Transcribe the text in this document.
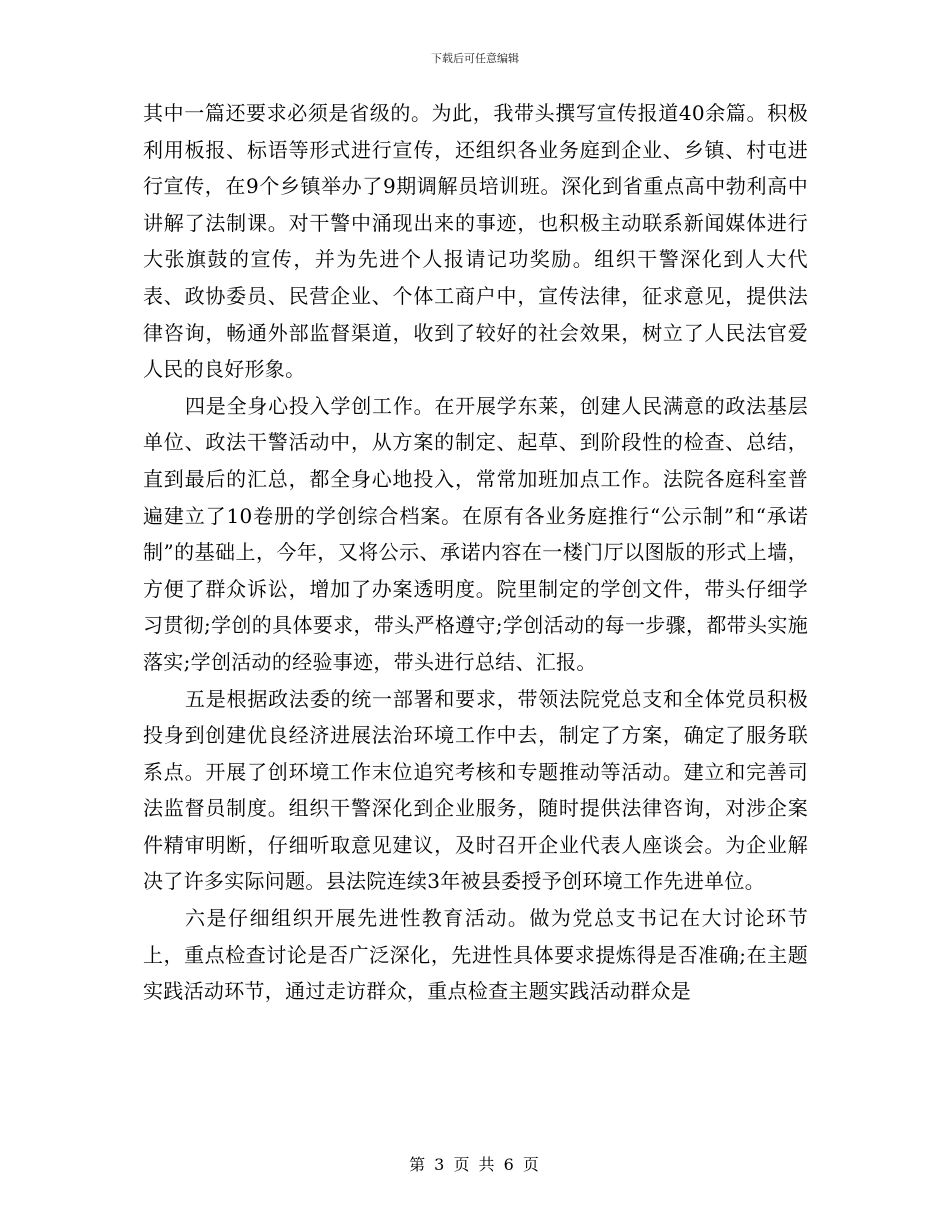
下载后可任意编辑

其中一篇还要求必须是省级的。为此，我带头撰写宣传报道40余篇。积极利用板报、标语等形式进行宣传，还组织各业务庭到企业、乡镇、村屯进行宣传，在9个乡镇举办了9期调解员培训班。深化到省重点高中勃利高中讲解了法制课。对干警中涌现出来的事迹，也积极主动联系新闻媒体进行大张旗鼓的宣传，并为先进个人报请记功奖励。组织干警深化到人大代表、政协委员、民营企业、个体工商户中，宣传法律，征求意见，提供法律咨询，畅通外部监督渠道，收到了较好的社会效果，树立了人民法官爱人民的良好形象。

四是全身心投入学创工作。在开展学东莱，创建人民满意的政法基层单位、政法干警活动中，从方案的制定、起草、到阶段性的检查、总结，直到最后的汇总，都全身心地投入，常常加班加点工作。法院各庭科室普遍建立了10卷册的学创综合档案。在原有各业务庭推行“公示制”和“承诺制”的基础上，今年，又将公示、承诺内容在一楼门厅以图版的形式上墙，方便了群众诉讼，增加了办案透明度。院里制定的学创文件，带头仔细学习贯彻;学创的具体要求，带头严格遵守;学创活动的每一步骤，都带头实施落实;学创活动的经验事迹，带头进行总结、汇报。

五是根据政法委的统一部署和要求，带领法院党总支和全体党员积极投身到创建优良经济进展法治环境工作中去，制定了方案，确定了服务联系点。开展了创环境工作末位追究考核和专题推动等活动。建立和完善司法监督员制度。组织干警深化到企业服务，随时提供法律咨询，对涉企案件精审明断，仔细听取意见建议，及时召开企业代表人座谈会。为企业解决了许多实际问题。县法院连续3年被县委授予创环境工作先进单位。

六是仔细组织开展先进性教育活动。做为党总支书记在大讨论环节上，重点检查讨论是否广泛深化，先进性具体要求提炼得是否准确;在主题实践活动环节，通过走访群众，重点检查主题实践活动群众是

第 3 页 共 6 页
